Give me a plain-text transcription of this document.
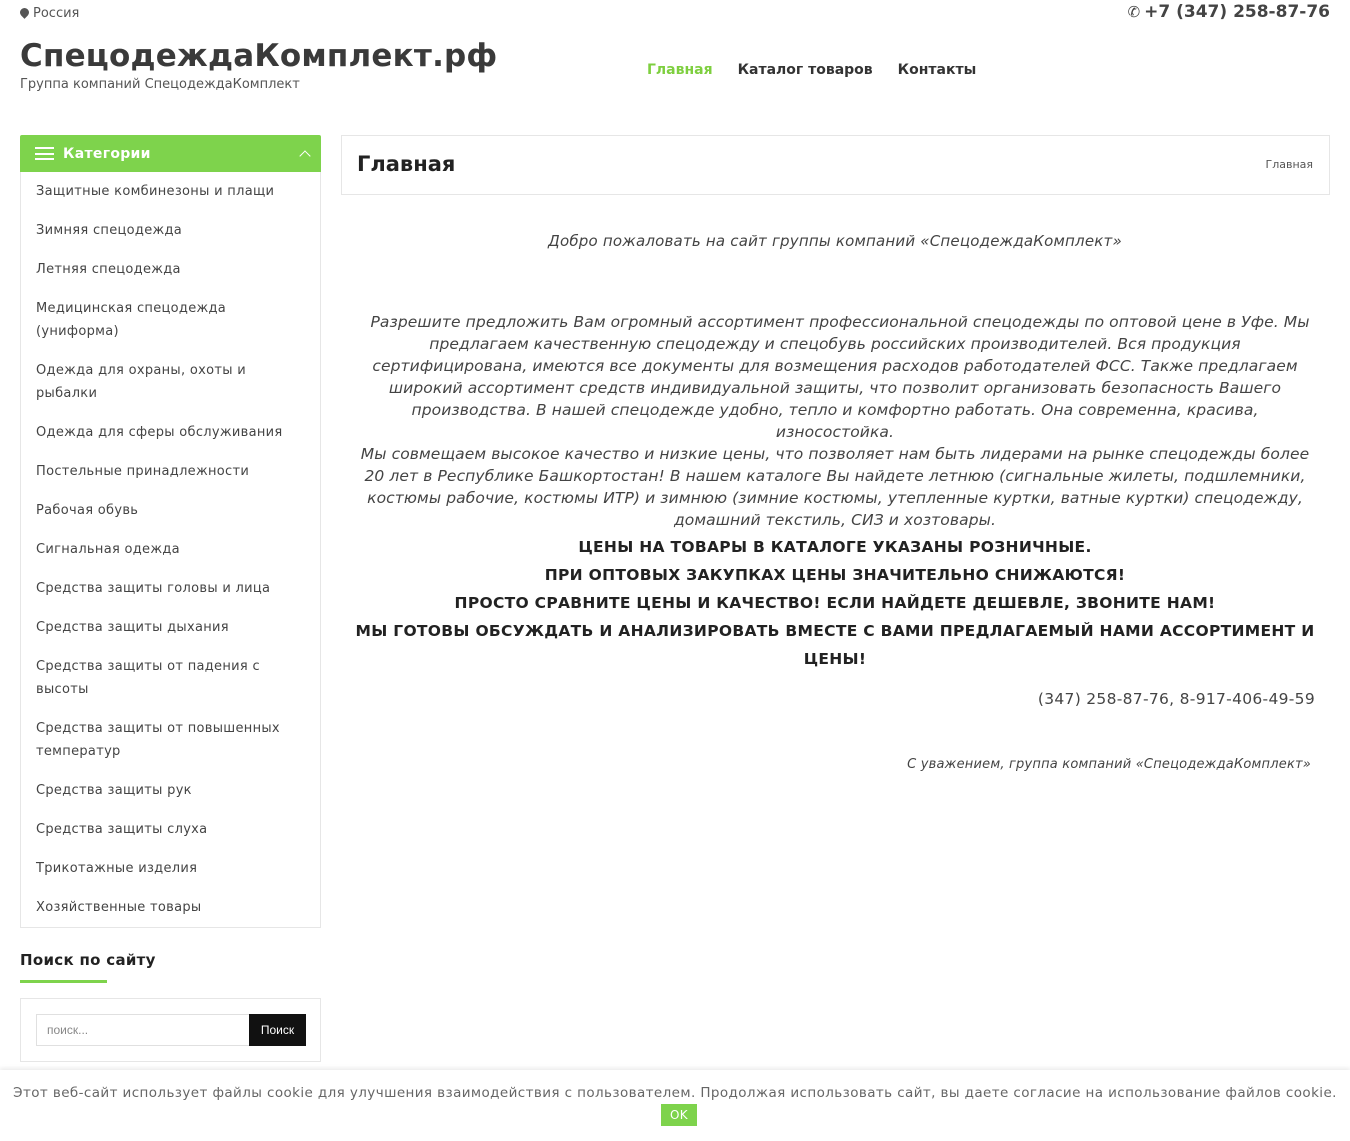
Россия	✆ +7 (347) 258-87-76
СпецодеждаКомплект.рф
Группа компаний СпецодеждаКомплект
Главная Каталог товаров Контакты
Категории
Защитные комбинезоны и плащи
Зимняя спецодежда
Летняя спецодежда
Медицинская спецодежда (униформа)
Одежда для охраны, охоты и рыбалки
Одежда для сферы обслуживания
Постельные принадлежности
Рабочая обувь
Сигнальная одежда
Средства защиты головы и лица
Средства защиты дыхания
Средства защиты от падения с высоты
Средства защиты от повышенных температур
Средства защиты рук
Средства защиты слуха
Трикотажные изделия
Хозяйственные товары
Поиск по сайту
поиск...
Поиск
Главная	Главная
Добро пожаловать на сайт группы компаний «СпецодеждаКомплект»

Разрешите предложить Вам огромный ассортимент профессиональной спецодежды по оптовой цене в Уфе. Мы предлагаем качественную спецодежду и спецобувь российских производителей. Вся продукция сертифицирована, имеются все документы для возмещения расходов работодателей ФСС. Также предлагаем широкий ассортимент средств индивидуальной защиты, что позволит организовать безопасность Вашего производства. В нашей спецодежде удобно, тепло и комфортно работать. Она современна, красива, износостойка.

Мы совмещаем высокое качество и низкие цены, что позволяет нам быть лидерами на рынке спецодежды более 20 лет в Республике Башкортостан! В нашем каталоге Вы найдете летнюю (сигнальные жилеты, подшлемники, костюмы рабочие, костюмы ИТР) и зимнюю (зимние костюмы, утепленные куртки, ватные куртки) спецодежду, домашний текстиль, СИЗ и хозтовары.

ЦЕНЫ НА ТОВАРЫ В КАТАЛОГЕ УКАЗАНЫ РОЗНИЧНЫЕ.

ПРИ ОПТОВЫХ ЗАКУПКАХ ЦЕНЫ ЗНАЧИТЕЛЬНО СНИЖАЮТСЯ!

ПРОСТО СРАВНИТЕ ЦЕНЫ И КАЧЕСТВО! ЕСЛИ НАЙДЕТЕ ДЕШЕВЛЕ, ЗВОНИТЕ НАМ!

МЫ ГОТОВЫ ОБСУЖДАТЬ И АНАЛИЗИРОВАТЬ ВМЕСТЕ С ВАМИ ПРЕДЛАГАЕМЫЙ НАМИ АССОРТИМЕНТ И ЦЕНЫ!

(347) 258-87-76, 8-917-406-49-59
С уважением, группа компаний «СпецодеждаКомплект»
Этот веб-сайт использует файлы cookie для улучшения взаимодействия с пользователем. Продолжая использовать сайт, вы даете согласие на использование файлов cookie.OK
